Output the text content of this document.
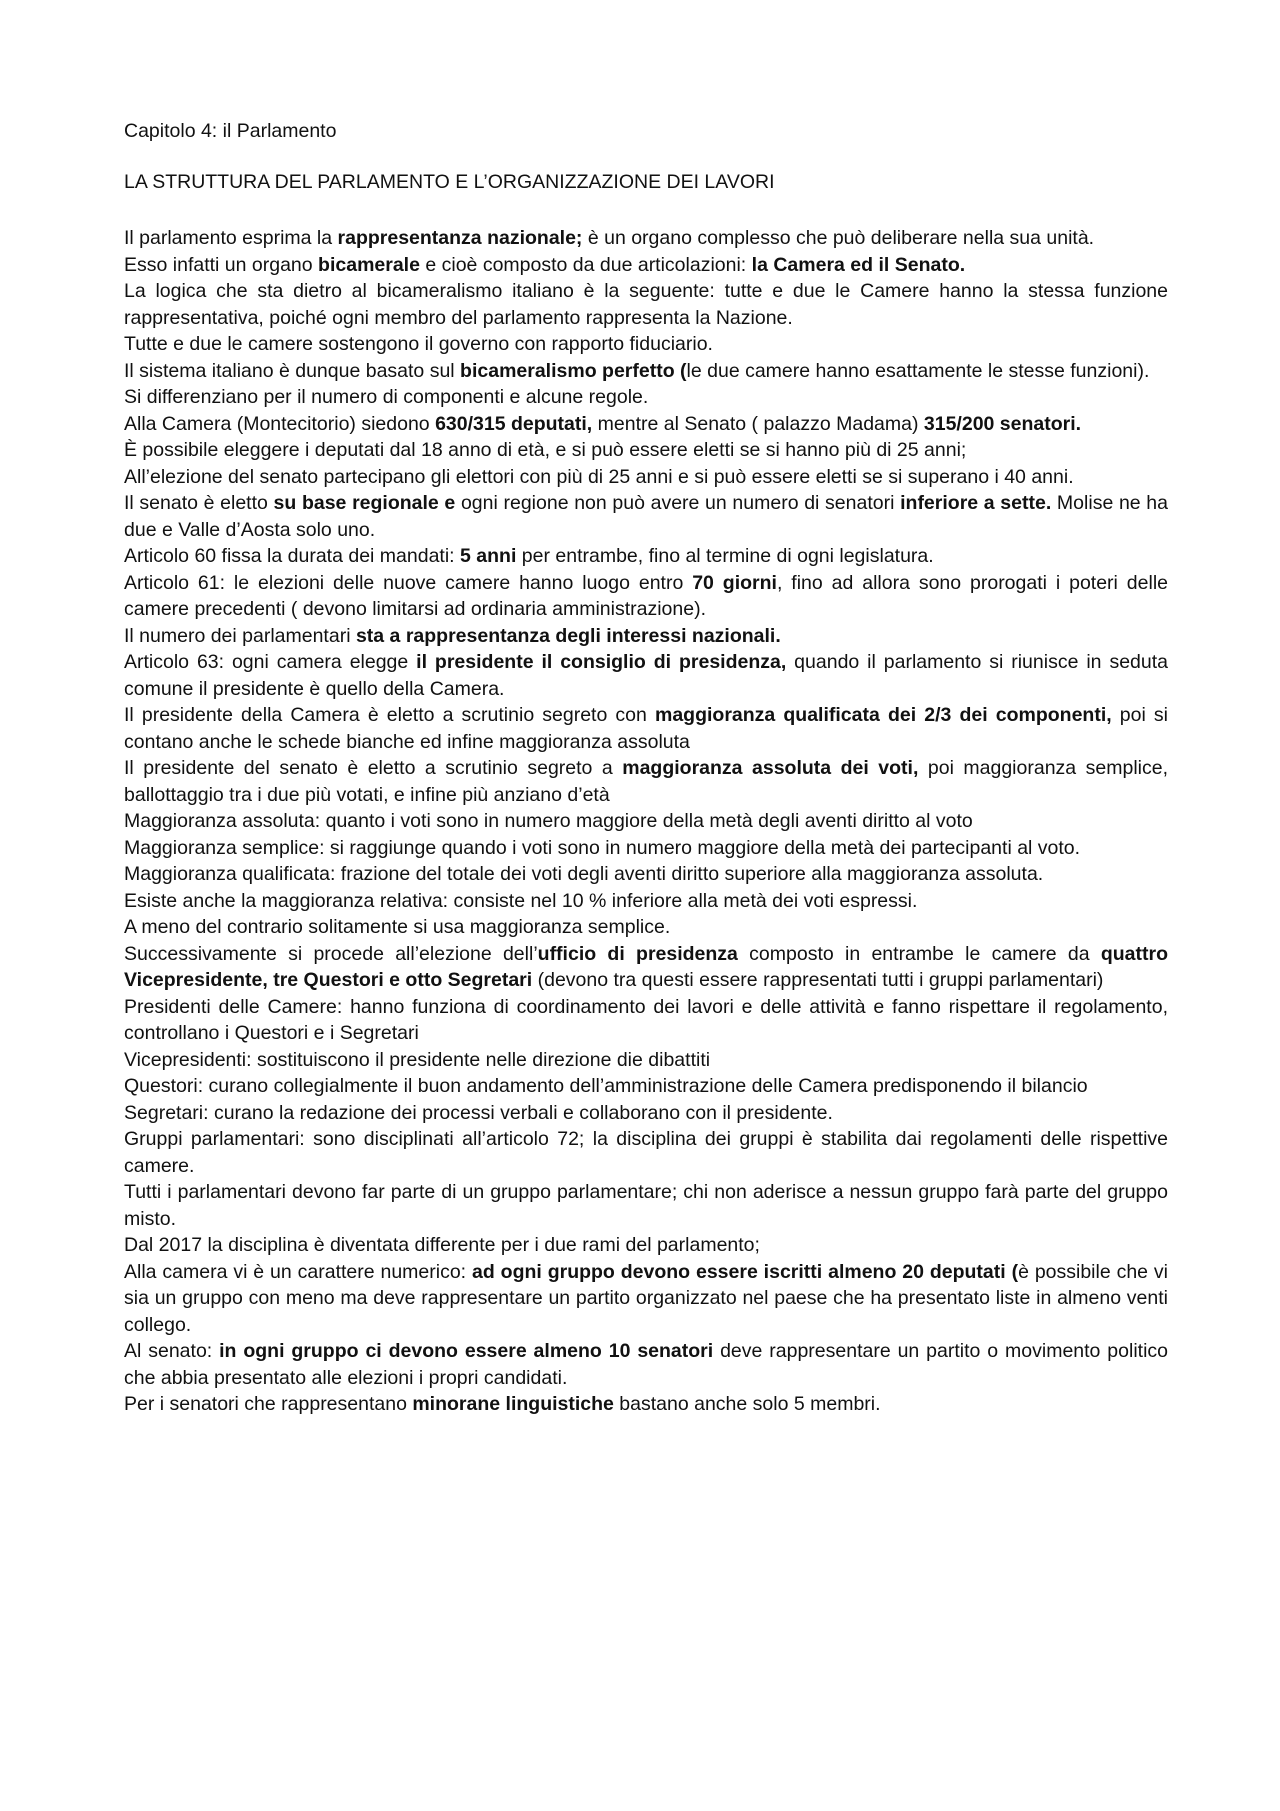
Capitolo 4: il Parlamento

LA STRUTTURA DEL PARLAMENTO E L’ORGANIZZAZIONE DEI LAVORI

Il parlamento esprima la rappresentanza nazionale; è un organo complesso che può deliberare nella sua unità.

Esso infatti un organo bicamerale e cioè composto da due articolazioni: la Camera ed il Senato.

La logica che sta dietro al bicameralismo italiano è la seguente: tutte e due le Camere hanno la stessa funzione rappresentativa, poiché ogni membro del parlamento rappresenta la Nazione.

Tutte e due le camere sostengono il governo con rapporto fiduciario.

Il sistema italiano è dunque basato sul bicameralismo perfetto (le due camere hanno esattamente le stesse funzioni).

Si differenziano per il numero di componenti e alcune regole.

Alla Camera (Montecitorio) siedono 630/315 deputati, mentre al Senato ( palazzo Madama) 315/200 senatori.

È possibile eleggere i deputati dal 18 anno di età, e si può essere eletti se si hanno più di 25 anni;

All’elezione del senato partecipano gli elettori con più di 25 anni e si può essere eletti se si superano i 40 anni.

Il senato è eletto su base regionale e ogni regione non può avere un numero di senatori inferiore a sette. Molise ne ha due e Valle d’Aosta solo uno.

Articolo 60 fissa la durata dei mandati: 5 anni per entrambe, fino al termine di ogni legislatura.

Articolo 61: le elezioni delle nuove camere hanno luogo entro 70 giorni, fino ad allora sono prorogati i poteri delle camere precedenti ( devono limitarsi ad ordinaria amministrazione).

Il numero dei parlamentari sta a rappresentanza degli interessi nazionali.

Articolo 63: ogni camera elegge il presidente il consiglio di presidenza, quando il parlamento si riunisce in seduta comune il presidente è quello della Camera.

Il presidente della Camera è eletto a scrutinio segreto con maggioranza qualificata dei 2/3 dei componenti, poi si contano anche le schede bianche ed infine maggioranza assoluta

Il presidente del senato è eletto a scrutinio segreto a maggioranza assoluta dei voti, poi maggioranza semplice, ballottaggio tra i due più votati, e infine più anziano d’età

Maggioranza assoluta: quanto i voti sono in numero maggiore della metà degli aventi diritto al voto

Maggioranza semplice: si raggiunge quando i voti sono in numero maggiore della metà dei partecipanti al voto.

Maggioranza qualificata: frazione del totale dei voti degli aventi diritto superiore alla maggioranza assoluta.

Esiste anche la maggioranza relativa: consiste nel 10 % inferiore alla metà dei voti espressi.

A meno del contrario solitamente si usa maggioranza semplice.

Successivamente si procede all’elezione dell’ufficio di presidenza composto in entrambe le camere da quattro Vicepresidente, tre Questori e otto Segretari (devono tra questi essere rappresentati tutti i gruppi parlamentari)

Presidenti delle Camere: hanno funziona di coordinamento dei lavori e delle attività e fanno rispettare il regolamento, controllano i Questori e i Segretari

Vicepresidenti: sostituiscono il presidente nelle direzione die dibattiti

Questori: curano collegialmente il buon andamento dell’amministrazione delle Camera predisponendo il bilancio

Segretari: curano la redazione dei processi verbali e collaborano con il presidente.

Gruppi parlamentari: sono disciplinati all’articolo 72; la disciplina dei gruppi è stabilita dai regolamenti delle rispettive camere.

Tutti i parlamentari devono far parte di un gruppo parlamentare; chi non aderisce a nessun gruppo farà parte del gruppo misto.

Dal 2017 la disciplina è diventata differente per i due rami del parlamento;

Alla camera vi è un carattere numerico: ad ogni gruppo devono essere iscritti almeno 20 deputati (è possibile che vi sia un gruppo con meno ma deve rappresentare un partito organizzato nel paese che ha presentato liste in almeno venti collego.

Al senato: in ogni gruppo ci devono essere almeno 10 senatori deve rappresentare un partito o movimento politico che abbia presentato alle elezioni i propri candidati.

Per i senatori che rappresentano minorane linguistiche bastano anche solo 5 membri.
